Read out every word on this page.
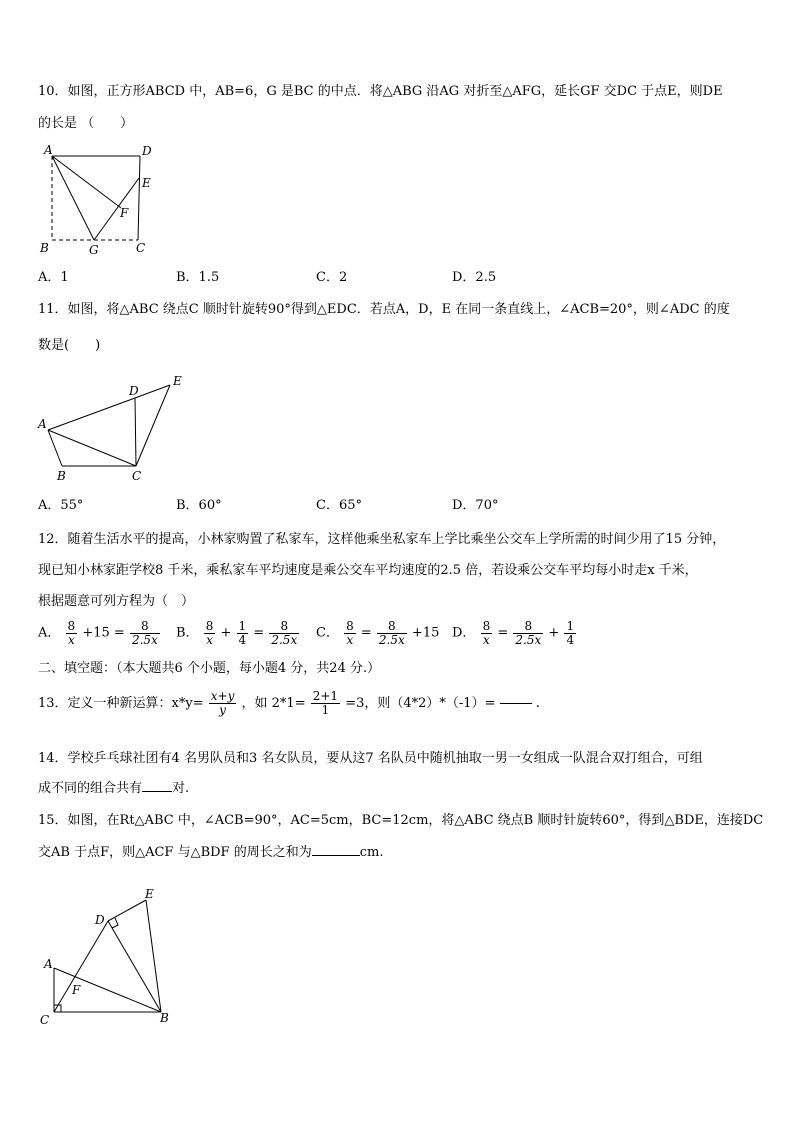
10．如图，正方形ABCD 中，AB=6，G 是BC 的中点．将△ABG 沿AG 对折至△AFG，延长GF 交DC 于点E，则DE
的长是 （　　）
A	D
E
F
B	G	C
A．1	B．1.5	C．2	D．2.5
11．如图，将△ABC 绕点C 顺时针旋转90°得到△EDC．若点A，D，E 在同一条直线上，∠ACB=20°，则∠ADC 的度
数是(　　)
D
E
A
B	C
A．55°	B．60°	C．65°	D．70°
12．随着生活水平的提高，小林家购置了私家车，这样他乘坐私家车上学比乘坐公交车上学所需的时间少用了15 分钟，
现已知小林家距学校8 千米，乘私家车平均速度是乘公交车平均速度的2.5 倍，若设乘公交车平均每小时走x 千米，
根据题意可列方程为（　）
A． $\frac{8}{x} +15 = \frac{8}{2.5x}$ B． $\frac{8}{x} + \frac{1}{4} = \frac{8}{2.5x}$ C． $\frac{8}{x} = \frac{8}{2.5x} +15$ D． $\frac{8}{x} = \frac{8}{2.5x} + \frac{1}{4}$
二、填空题：（本大题共6 个小题，每小题4 分，共24 分.）
13．定义一种新运算：$x*y= \frac{x+y}{y}$ ，如 $2*1= \frac{2+1}{1} =3$，则（4*2）*（-1）=	.
14．学校乒乓球社团有4 名男队员和3 名女队员，要从这7 名队员中随机抽取一男一女组成一队混合双打组合，可组
成不同的组合共有 对.
15．如图，在Rt△ABC 中，∠ACB=90°，AC=5cm，BC=12cm，将△ABC 绕点B 顺时针旋转60°，得到△BDE，连接DC
交AB 于点F，则△ACF 与△BDF 的周长之和为	cm.
E
D
A
F
C	B
